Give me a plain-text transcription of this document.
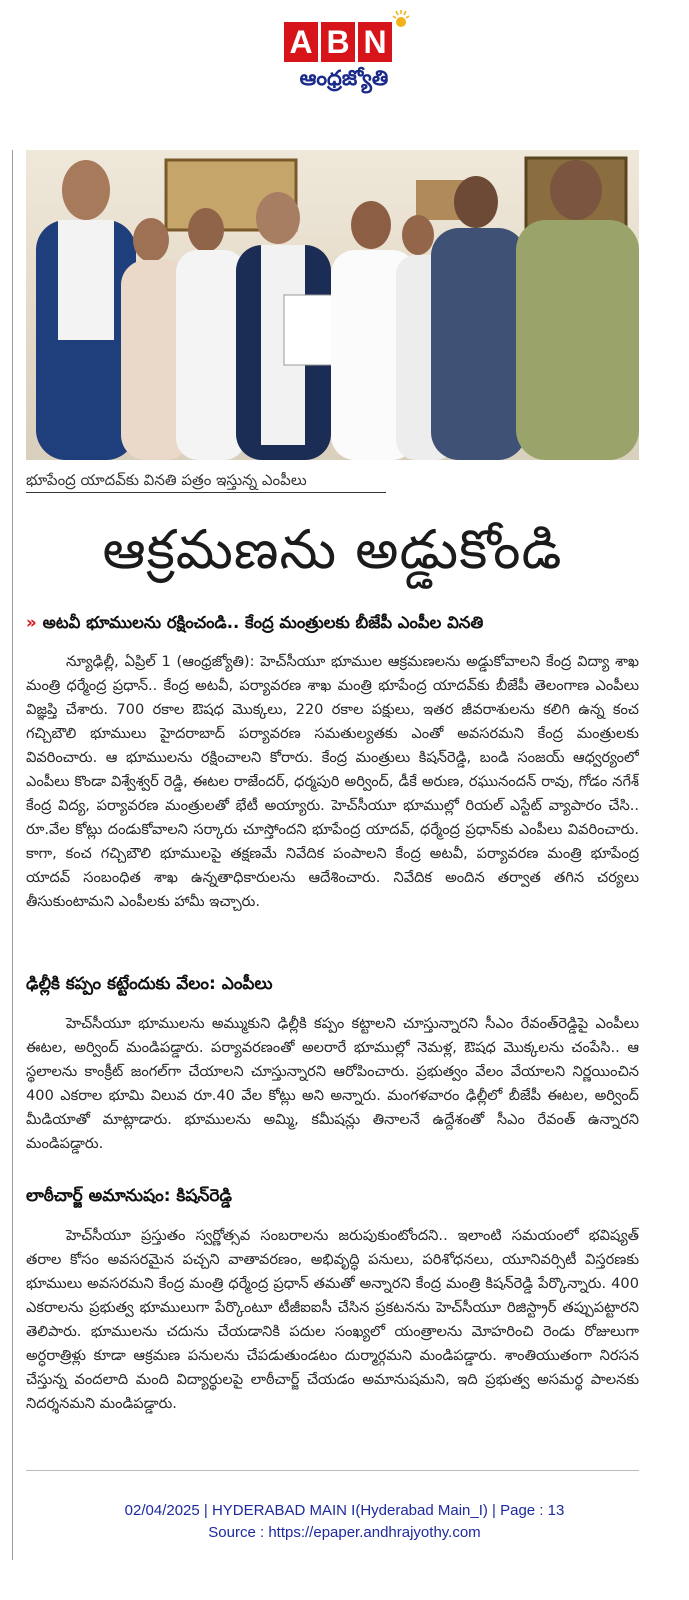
A B N
ఆంధ్రజ్యోతి
భూపేంద్ర యాదవ్‌కు వినతి పత్రం ఇస్తున్న ఎంపీలు
ఆక్రమణను అడ్డుకోండి
» అటవీ భూములను రక్షించండి.. కేంద్ర మంత్రులకు బీజేపీ ఎంపీల వినతి
న్యూఢిల్లీ, ఏప్రిల్ 1 (ఆంధ్రజ్యోతి): హెచ్‌సీయూ భూముల ఆక్రమణలను అడ్డుకోవాలని కేంద్ర విద్యా శాఖ మంత్రి ధర్మేంద్ర ప్రధాన్.. కేంద్ర అటవీ, పర్యావరణ శాఖ మంత్రి భూపేంద్ర యాదవ్‌కు బీజేపీ తెలంగాణ ఎంపీలు విజ్ఞప్తి చేశారు. 700 రకాల ఔషధ మొక్కలు, 220 రకాల పక్షులు, ఇతర జీవరాశులను కలిగి ఉన్న కంచ గచ్చిబౌలి భూములు హైదరాబాద్ పర్యావరణ సమతుల్యతకు ఎంతో అవసరమని కేంద్ర మంత్రులకు వివరించారు. ఆ భూములను రక్షించాలని కోరారు. కేంద్ర మంత్రులు కిషన్‌రెడ్డి, బండి సంజయ్ ఆధ్వర్యంలో ఎంపీలు కొండా విశ్వేశ్వర్ రెడ్డి, ఈటల రాజేందర్, ధర్మపురి అర్వింద్, డీకే అరుణ, రఘునందన్ రావు, గోడం నగేశ్ కేంద్ర విద్య, పర్యావరణ మంత్రులతో భేటీ అయ్యారు. హెచ్‌సీయూ భూముల్లో రియల్ ఎస్టేట్ వ్యాపారం చేసి.. రూ.వేల కోట్లు దండుకోవాలని సర్కారు చూస్తోందని భూపేంద్ర యాదవ్, ధర్మేంద్ర ప్రధాన్‌కు ఎంపీలు వివరించారు. కాగా, కంచ గచ్చిబౌలి భూములపై తక్షణమే నివేదిక పంపాలని కేంద్ర అటవీ, పర్యావరణ మంత్రి భూపేంద్ర యాదవ్ సంబంధిత శాఖ ఉన్నతాధికారులను ఆదేశించారు. నివేదిక అందిన తర్వాత తగిన చర్యలు తీసుకుంటామని ఎంపీలకు హామీ ఇచ్చారు.
ఢిల్లీకి కప్పం కట్టేందుకు వేలం: ఎంపీలు
హెచ్‌సీయూ భూములను అమ్ముకుని ఢిల్లీకి కప్పం కట్టాలని చూస్తున్నారని సీఎం రేవంత్‌రెడ్డిపై ఎంపీలు ఈటల, అర్వింద్ మండిపడ్డారు. పర్యావరణంతో అలరారే భూముల్లో నెమళ్ల, ఔషధ మొక్కలను చంపేసి.. ఆ స్థలాలను కాంక్రీట్ జంగల్‌గా చేయాలని చూస్తున్నారని ఆరోపించారు. ప్రభుత్వం వేలం వేయాలని నిర్ణయించిన 400 ఎకరాల భూమి విలువ రూ.40 వేల కోట్లు అని అన్నారు. మంగళవారం ఢిల్లీలో బీజేపీ ఈటల, అర్వింద్ మీడియాతో మాట్లాడారు. భూములను అమ్మి, కమీషన్లు తినాలనే ఉద్దేశంతో సీఎం రేవంత్ ఉన్నారని మండిపడ్డారు.
లాఠీచార్జ్ అమానుషం: కిషన్‌రెడ్డి
హెచ్‌సీయూ ప్రస్తుతం స్వర్ణోత్సవ సంబరాలను జరుపుకుంటోందని.. ఇలాంటి సమయంలో భవిష్యత్ తరాల కోసం అవసరమైన పచ్చని వాతావరణం, అభివృద్ధి పనులు, పరిశోధనలు, యూనివర్సిటీ విస్తరణకు భూములు అవసరమని కేంద్ర మంత్రి ధర్మేంద్ర ప్రధాన్ తమతో అన్నారని కేంద్ర మంత్రి కిషన్‌రెడ్డి పేర్కొన్నారు. 400 ఎకరాలను ప్రభుత్వ భూములుగా పేర్కొంటూ టీజీఐఐసీ చేసిన ప్రకటనను హెచ్‌సీయూ రిజిస్ట్రార్ తప్పుపట్టారని తెలిపారు. భూములను చదును చేయడానికి పదుల సంఖ్యలో యంత్రాలను మోహరించి రెండు రోజులుగా అర్ధరాత్రిళ్లు కూడా ఆక్రమణ పనులను చేపడుతుండటం దుర్మార్గమని మండిపడ్డారు. శాంతియుతంగా నిరసన చేస్తున్న వందలాది మంది విద్యార్థులపై లాఠీచార్జ్ చేయడం అమానుషమని, ఇది ప్రభుత్వ అసమర్థ పాలనకు నిదర్శనమని మండిపడ్డారు.
02/04/2025 | HYDERABAD MAIN I(Hyderabad Main_I) | Page : 13
Source : https://epaper.andhrajyothy.com
